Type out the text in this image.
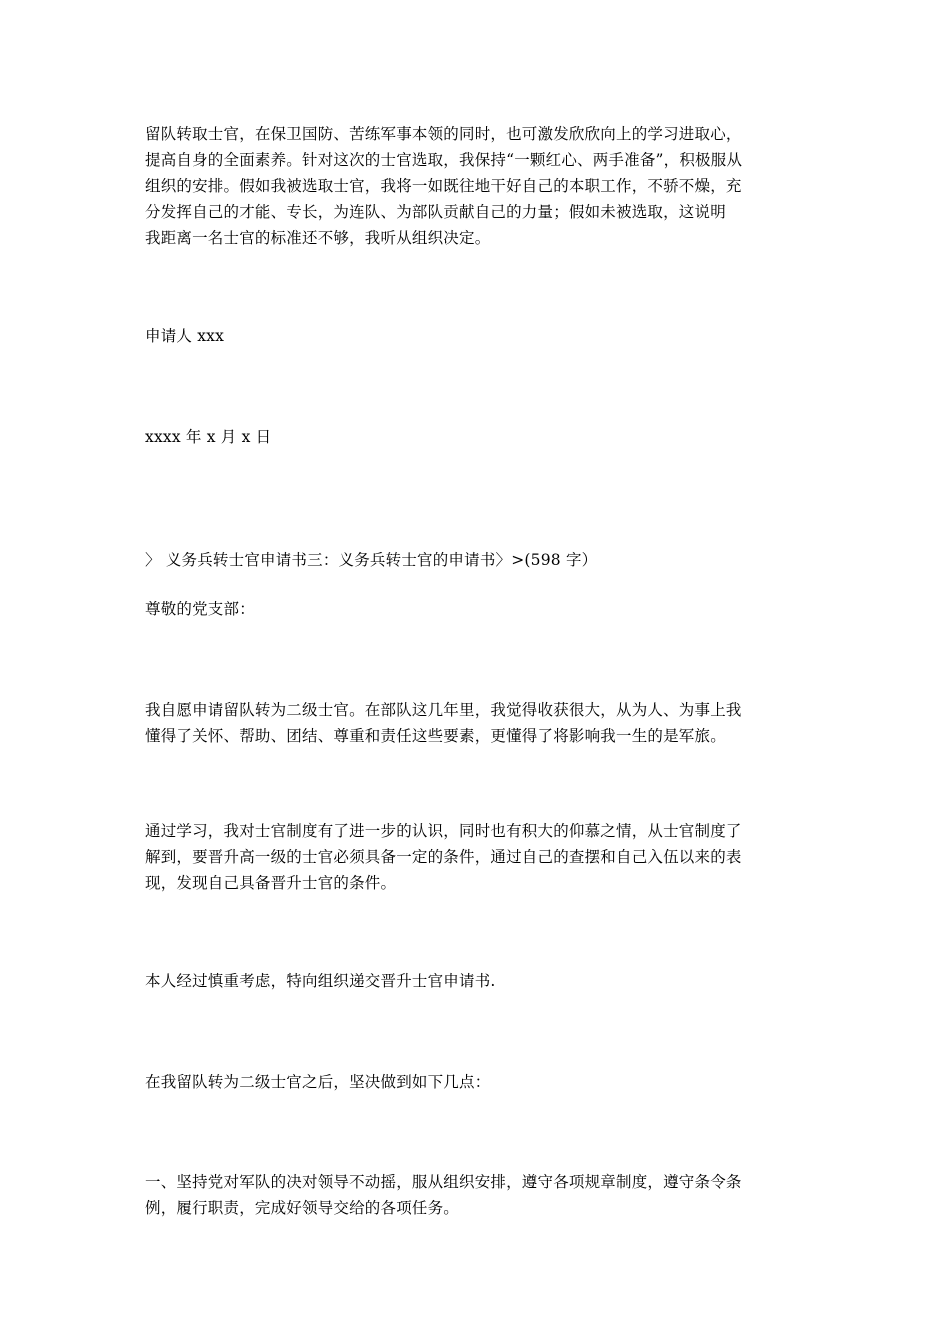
留队转取士官，在保卫国防、苦练军事本领的同时，也可激发欣欣向上的学习进取心，
提高自身的全面素养。针对这次的士官选取，我保持“一颗红心、两手准备”，积极服从
组织的安排。假如我被选取士官，我将一如既往地干好自己的本职工作，不骄不燥，充
分发挥自己的才能、专长，为连队、为部队贡献自己的力量；假如未被选取，这说明
我距离一名士官的标准还不够，我听从组织决定。

申请人 xxx

xxxx 年 x 月 x 日

〉 义务兵转士官申请书三：义务兵转士官的申请书〉>(598 字）

尊敬的党支部：

我自愿申请留队转为二级士官。在部队这几年里，我觉得收获很大，从为人、为事上我
懂得了关怀、帮助、团结、尊重和责任这些要素，更懂得了将影响我一生的是军旅。

通过学习，我对士官制度有了进一步的认识，同时也有积大的仰慕之情，从士官制度了
解到，要晋升高一级的士官必须具备一定的条件，通过自己的查摆和自己入伍以来的表
现，发现自己具备晋升士官的条件。

本人经过慎重考虑，特向组织递交晋升士官申请书.

在我留队转为二级士官之后，坚决做到如下几点：

一、坚持党对军队的决对领导不动摇，服从组织安排，遵守各项规章制度，遵守条令条
例，履行职责，完成好领导交给的各项任务。
